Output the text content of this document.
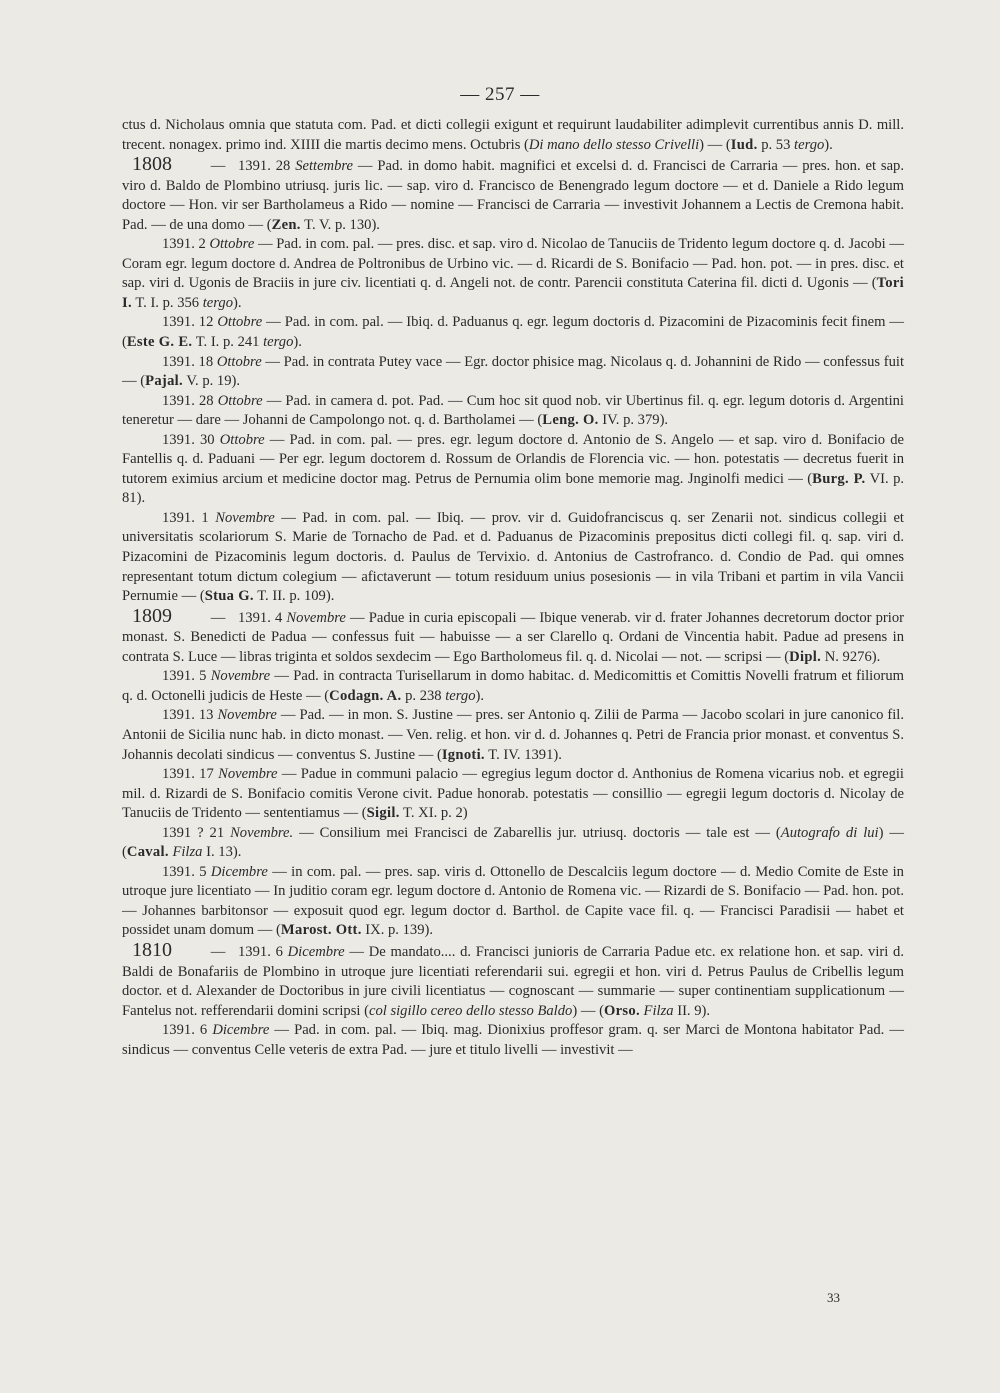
— 257 —

ctus d. Nicholaus omnia que statuta com. Pad. et dicti collegii exigunt et requirunt laudabiliter adimplevit currentibus annis D. mill. trecent. nonagex. primo ind. XIIII die martis decimo mens. Octubris (Di mano dello stesso Crivelli) — (Iud. p. 53 tergo).

1808	— 1391. 28 Settembre — Pad. in domo habit. magnifici et excelsi d. d. Francisci de Carraria — pres. hon. et sap. viro d. Baldo de Plombino utriusq. juris lic. — sap. viro d. Francisco de Benengrado legum doctore — et d. Daniele a Rido legum doctore — Hon. vir ser Bartholameus a Rido — nomine — Francisci de Carraria — investivit Johannem a Lectis de Cremona habit. Pad. — de una domo — (Zen. T. V. p. 130).

1391. 2 Ottobre — Pad. in com. pal. — pres. disc. et sap. viro d. Nicolao de Tanuciis de Tridento legum doctore q. d. Jacobi — Coram egr. legum doctore d. Andrea de Poltronibus de Urbino vic. — d. Ricardi de S. Bonifacio — Pad. hon. pot. — in pres. disc. et sap. viri d. Ugonis de Braciis in jure civ. licentiati q. d. Angeli not. de contr. Parencii constituta Caterina fil. dicti d. Ugonis — (Tori I. T. I. p. 356 tergo).

1391. 12 Ottobre — Pad. in com. pal. — Ibiq. d. Paduanus q. egr. legum doctoris d. Pizacomini de Pizacominis fecit finem — (Este G. E. T. I. p. 241 tergo).

1391. 18 Ottobre — Pad. in contrata Putey vace — Egr. doctor phisice mag. Nicolaus q. d. Johannini de Rido — confessus fuit — (Pajal. V. p. 19).

1391. 28 Ottobre — Pad. in camera d. pot. Pad. — Cum hoc sit quod nob. vir Ubertinus fil. q. egr. legum dotoris d. Argentini teneretur — dare — Johanni de Campolongo not. q. d. Bartholamei — (Leng. O. IV. p. 379).

1391. 30 Ottobre — Pad. in com. pal. — pres. egr. legum doctore d. Antonio de S. Angelo — et sap. viro d. Bonifacio de Fantellis q. d. Paduani — Per egr. legum doctorem d. Rossum de Orlandis de Florencia vic. — hon. potestatis — decretus fuerit in tutorem eximius arcium et medicine doctor mag. Petrus de Pernumia olim bone memorie mag. Jnginolfi medici — (Burg. P. VI. p. 81).

1391. 1 Novembre — Pad. in com. pal. — Ibiq. — prov. vir d. Guidofranciscus q. ser Zenarii not. sindicus collegii et universitatis scolariorum S. Marie de Tornacho de Pad. et d. Paduanus de Pizacominis prepositus dicti collegi fil. q. sap. viri d. Pizacomini de Pizacominis legum doctoris. d. Paulus de Tervixio. d. Antonius de Castrofranco. d. Condio de Pad. qui omnes representant totum dictum colegium — afictaverunt — totum residuum unius posesionis — in vila Tribani et partim in vila Vancii Pernumie — (Stua G. T. II. p. 109).

1809	— 1391. 4 Novembre — Padue in curia episcopali — Ibique venerab. vir d. frater Johannes decretorum doctor prior monast. S. Benedicti de Padua — confessus fuit — habuisse — a ser Clarello q. Ordani de Vincentia habit. Padue ad presens in contrata S. Luce — libras triginta et soldos sexdecim — Ego Bartholomeus fil. q. d. Nicolai — not. — scripsi — (Dipl. N. 9276).

1391. 5 Novembre — Pad. in contracta Turisellarum in domo habitac. d. Medicomittis et Comittis Novelli fratrum et filiorum q. d. Octonelli judicis de Heste — (Codagn. A. p. 238 tergo).

1391. 13 Novembre — Pad. — in mon. S. Justine — pres. ser Antonio q. Zilii de Parma — Jacobo scolari in jure canonico fil. Antonii de Sicilia nunc hab. in dicto monast. — Ven. relig. et hon. vir d. d. Johannes q. Petri de Francia prior monast. et conventus S. Johannis decolati sindicus — conventus S. Justine — (Ignoti. T. IV. 1391).

1391. 17 Novembre — Padue in communi palacio — egregius legum doctor d. Anthonius de Romena vicarius nob. et egregii mil. d. Rizardi de S. Bonifacio comitis Verone civit. Padue honorab. potestatis — consillio — egregii legum doctoris d. Nicolay de Tanuciis de Tridento — sententiamus — (Sigil. T. XI. p. 2)

1391 ? 21 Novembre. — Consilium mei Francisci de Zabarellis jur. utriusq. doctoris — tale est — (Autografo di lui) — (Caval. Filza I. 13).

1391. 5 Dicembre — in com. pal. — pres. sap. viris d. Ottonello de Descalciis legum doctore — d. Medio Comite de Este in utroque jure licentiato — In juditio coram egr. legum doctore d. Antonio de Romena vic. — Rizardi de S. Bonifacio — Pad. hon. pot. — Johannes barbitonsor — exposuit quod egr. legum doctor d. Barthol. de Capite vace fil. q. — Francisci Paradisii — habet et possidet unam domum — (Marost. Ott. IX. p. 139).

1810	— 1391. 6 Dicembre — De mandato.... d. Francisci junioris de Carraria Padue etc. ex relatione hon. et sap. viri d. Baldi de Bonafariis de Plombino in utroque jure licentiati referendarii sui. egregii et hon. viri d. Petrus Paulus de Cribellis legum doctor. et d. Alexander de Doctoribus in jure civili licentiatus — cognoscant — summarie — super continentiam supplicationum — Fantelus not. refferendarii domini scripsi (col sigillo cereo dello stesso Baldo) — (Orso. Filza II. 9).

1391. 6 Dicembre — Pad. in com. pal. — Ibiq. mag. Dionixius proffesor gram. q. ser Marci de Montona habitator Pad. — sindicus — conventus Celle veteris de extra Pad. — jure et titulo livelli — investivit —

33
